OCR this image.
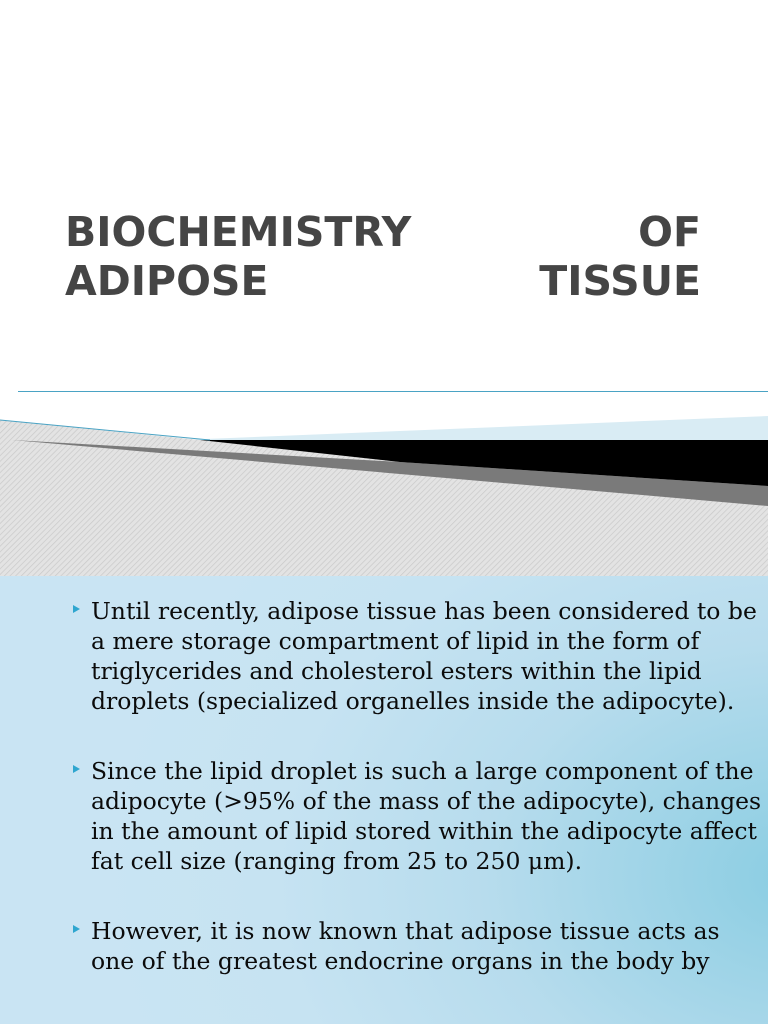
BIOCHEMISTRY	OF
ADIPOSE	TISSUE
Until recently, adipose tissue has been considered to be a mere storage compartment of lipid in the form of triglycerides and cholesterol esters within the lipid droplets (specialized organelles inside the adipocyte).
Since the lipid droplet is such a large component of the adipocyte (>95% of the mass of the adipocyte), changes in the amount of lipid stored within the adipocyte affect fat cell size (ranging from 25 to 250 μm).
However, it is now known that adipose tissue acts as one of the greatest endocrine organs in the body by
